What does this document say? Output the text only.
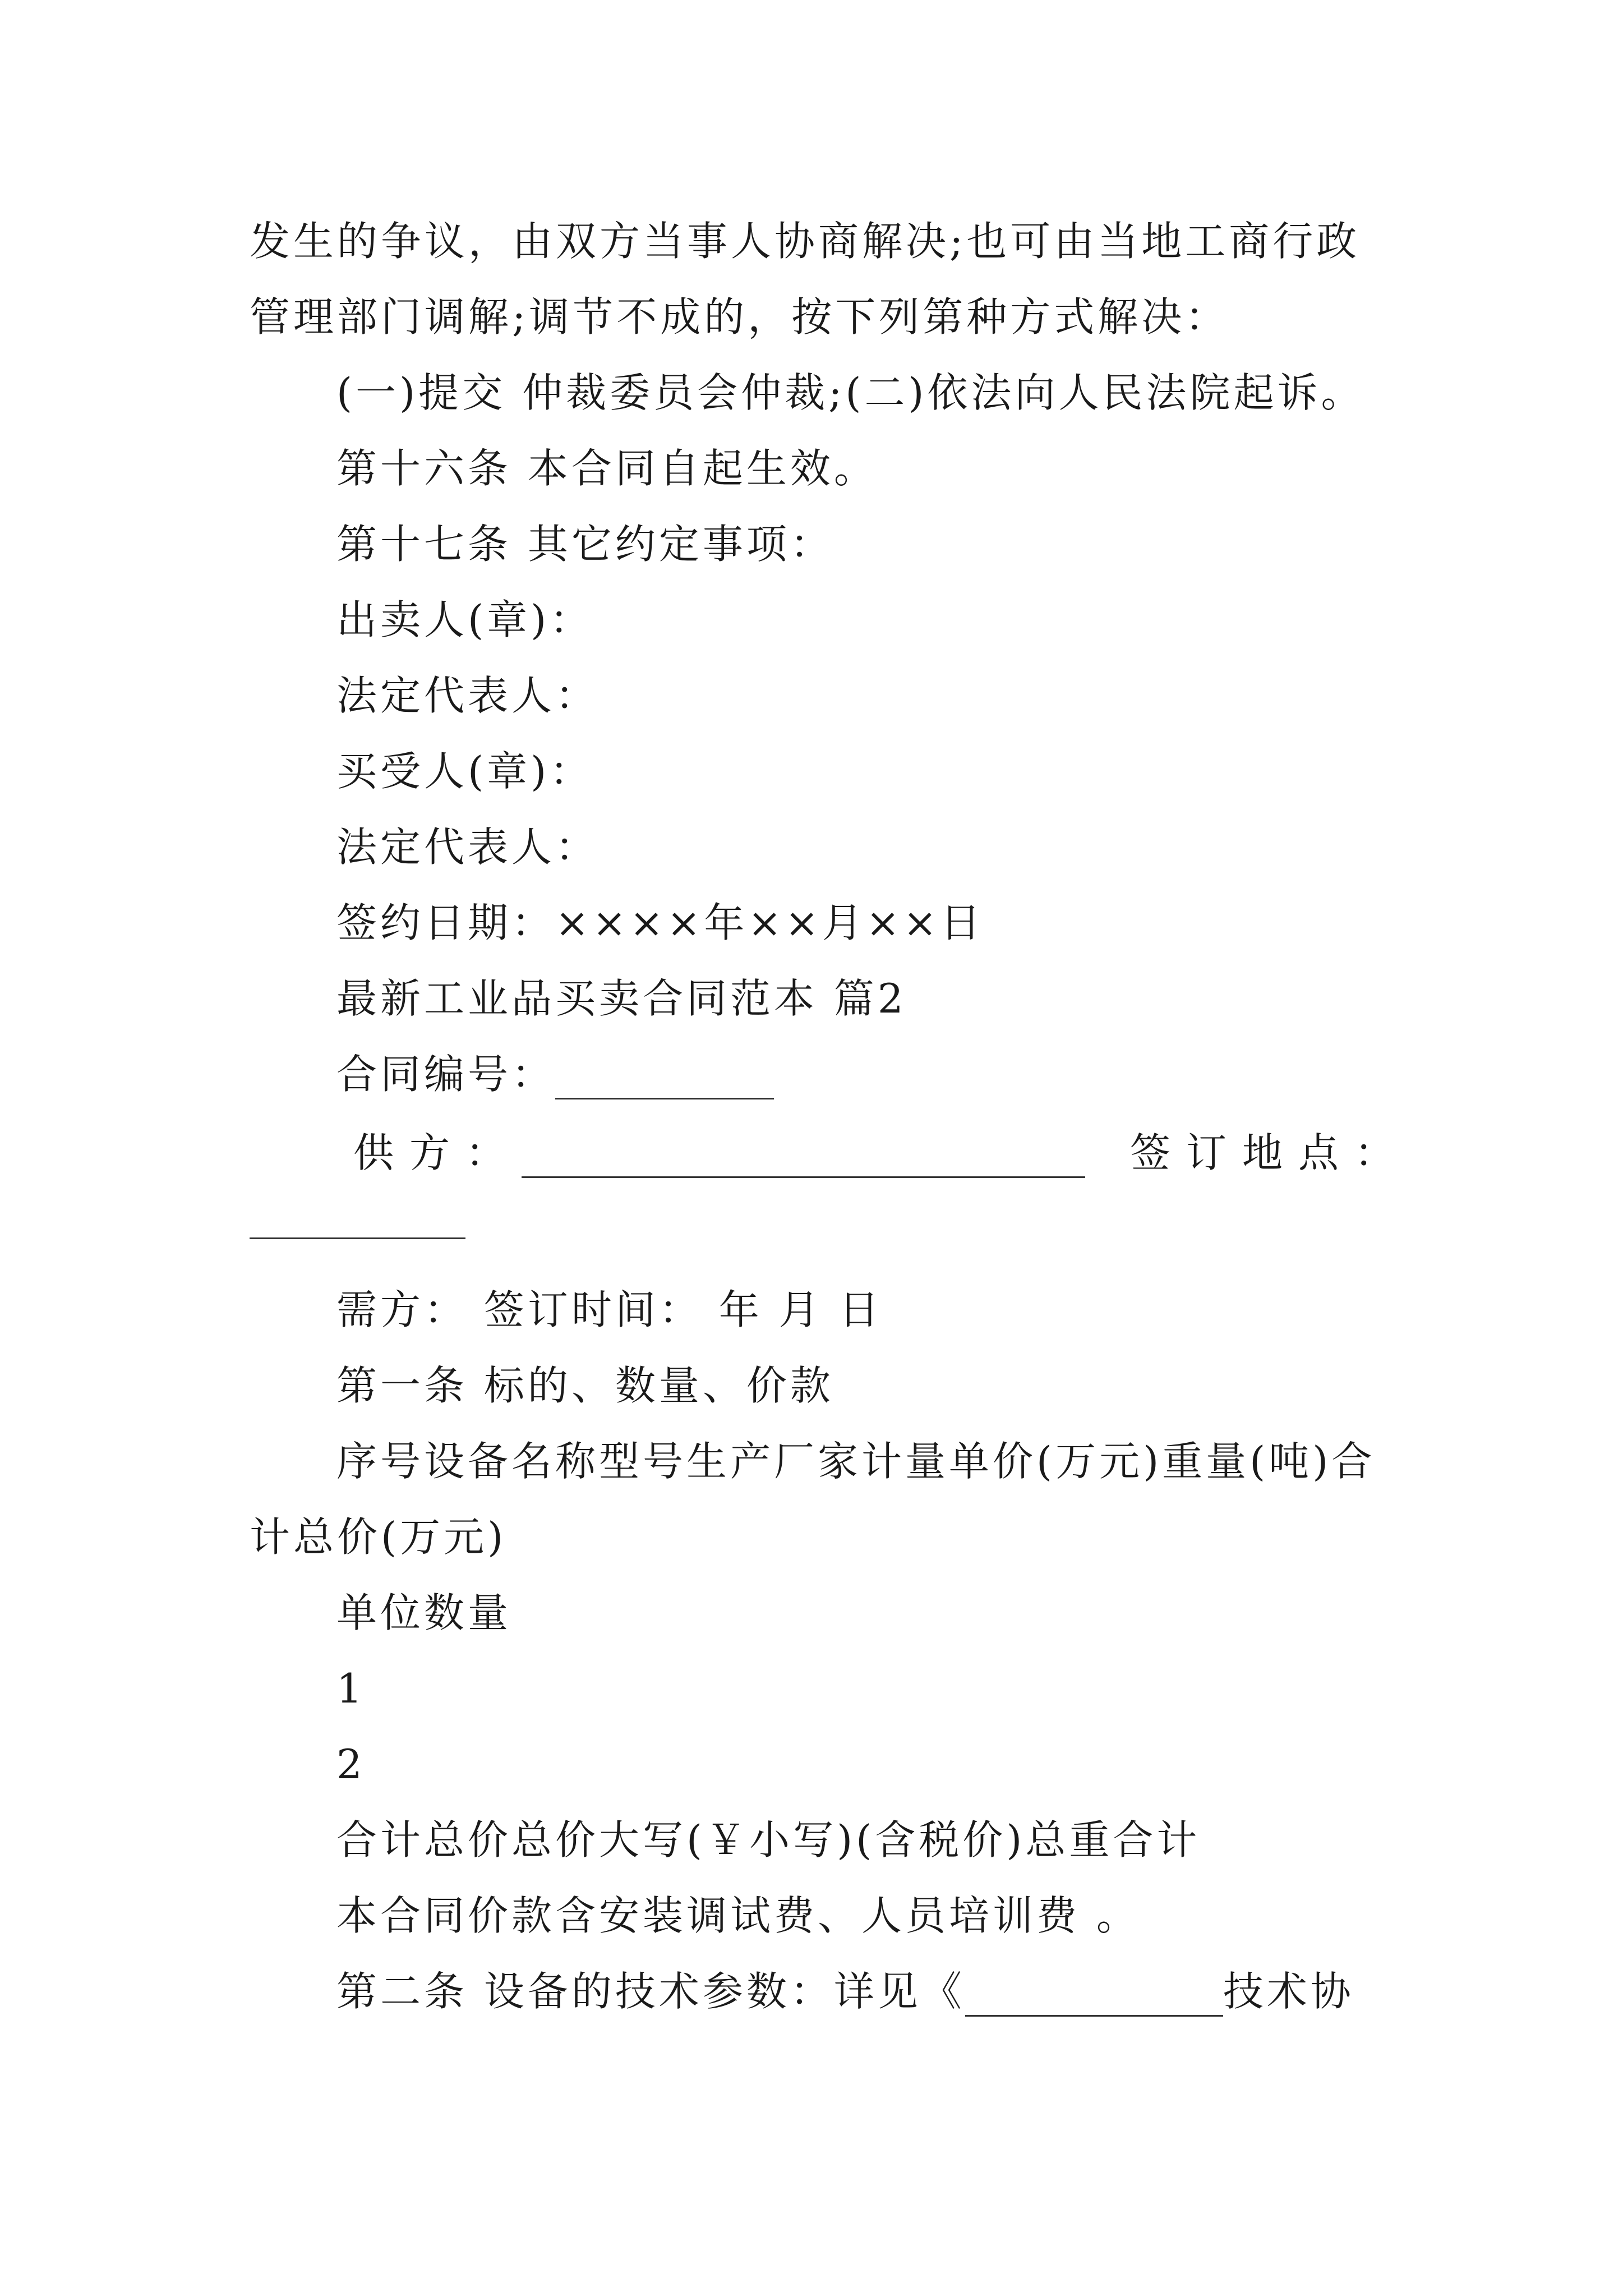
发生的争议，由双方当事人协商解决;也可由当地工商行政
管理部门调解;调节不成的，按下列第种方式解决：
(一)提交 仲裁委员会仲裁;(二)依法向人民法院起诉。
第十六条 本合同自起生效。
第十七条 其它约定事项：
出卖人(章)：
法定代表人：
买受人(章)：
法定代表人：
签约日期：××××年××月××日
最新工业品买卖合同范本 篇2
合同编号：
供方：	签订地点：
需方： 签订时间： 年 月 日
第一条 标的、数量、价款
序号设备名称型号生产厂家计量单价(万元)重量(吨)合
计总价(万元)
单位数量
1
2
合计总价总价大写(￥小写)(含税价)总重合计
本合同价款含安装调试费、人员培训费 。
第二条 设备的技术参数：详见《	技术协
